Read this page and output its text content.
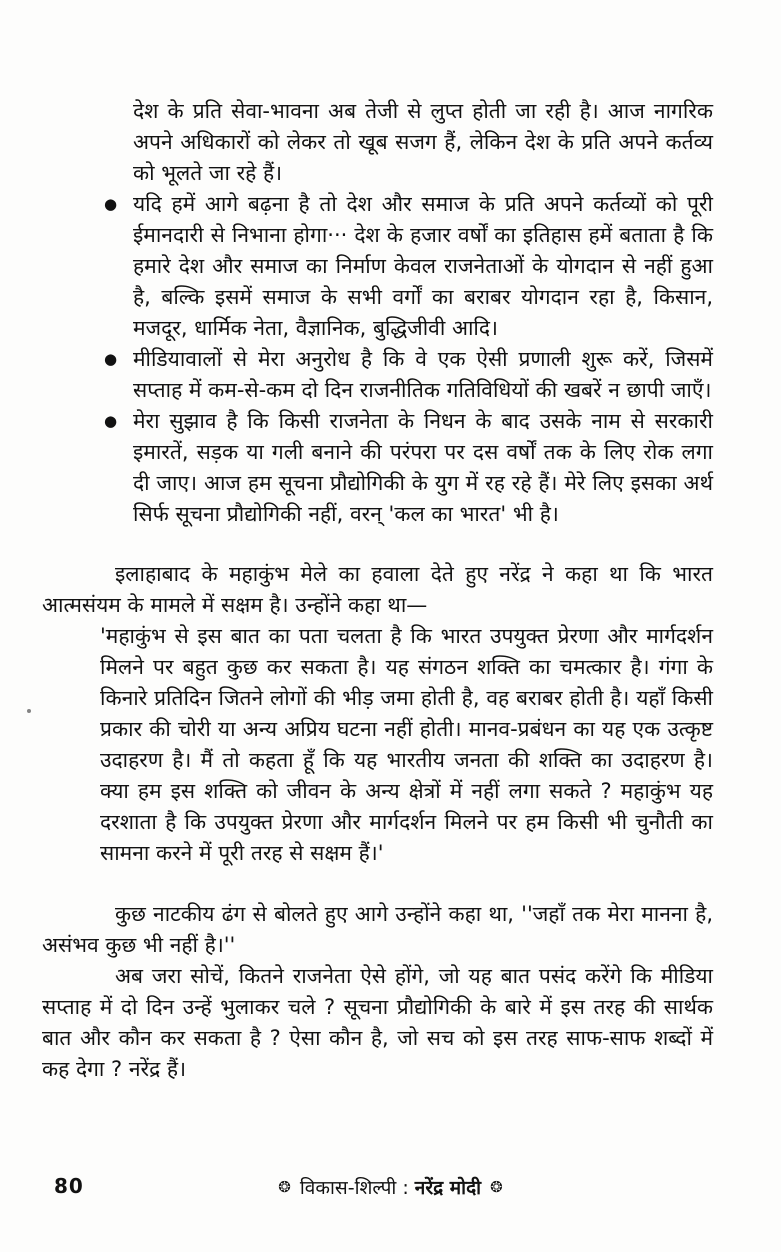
देश के प्रति सेवा-भावना अब तेजी से लुप्त होती जा रही है। आज नागरिक अपने अधिकारों को लेकर तो खूब सजग हैं, लेकिन देश के प्रति अपने कर्तव्य को भूलते जा रहे हैं।

● यदि हमें आगे बढ़ना है तो देश और समाज के प्रति अपने कर्तव्यों को पूरी ईमानदारी से निभाना होगा··· देश के हजार वर्षों का इतिहास हमें बताता है कि हमारे देश और समाज का निर्माण केवल राजनेताओं के योगदान से नहीं हुआ है, बल्कि इसमें समाज के सभी वर्गों का बराबर योगदान रहा है, किसान, मजदूर, धार्मिक नेता, वैज्ञानिक, बुद्धिजीवी आदि।
● मीडियावालों से मेरा अनुरोध है कि वे एक ऐसी प्रणाली शुरू करें, जिसमें सप्ताह में कम-से-कम दो दिन राजनीतिक गतिविधियों की खबरें न छापी जाएँ।
● मेरा सुझाव है कि किसी राजनेता के निधन के बाद उसके नाम से सरकारी इमारतें, सड़क या गली बनाने की परंपरा पर दस वर्षों तक के लिए रोक लगा दी जाए। आज हम सूचना प्रौद्योगिकी के युग में रह रहे हैं। मेरे लिए इसका अर्थ सिर्फ सूचना प्रौद्योगिकी नहीं, वरन् 'कल का भारत' भी है।

इलाहाबाद के महाकुंभ मेले का हवाला देते हुए नरेंद्र ने कहा था कि भारत आत्मसंयम के मामले में सक्षम है। उन्होंने कहा था—

'महाकुंभ से इस बात का पता चलता है कि भारत उपयुक्त प्रेरणा और मार्गदर्शन मिलने पर बहुत कुछ कर सकता है। यह संगठन शक्ति का चमत्कार है। गंगा के किनारे प्रतिदिन जितने लोगों की भीड़ जमा होती है, वह बराबर होती है। यहाँ किसी प्रकार की चोरी या अन्य अप्रिय घटना नहीं होती। मानव-प्रबंधन का यह एक उत्कृष्ट उदाहरण है। मैं तो कहता हूँ कि यह भारतीय जनता की शक्ति का उदाहरण है। क्या हम इस शक्ति को जीवन के अन्य क्षेत्रों में नहीं लगा सकते ? महाकुंभ यह दरशाता है कि उपयुक्त प्रेरणा और मार्गदर्शन मिलने पर हम किसी भी चुनौती का सामना करने में पूरी तरह से सक्षम हैं।'

कुछ नाटकीय ढंग से बोलते हुए आगे उन्होंने कहा था, ''जहाँ तक मेरा मानना है, असंभव कुछ भी नहीं है।''

अब जरा सोचें, कितने राजनेता ऐसे होंगे, जो यह बात पसंद करेंगे कि मीडिया सप्ताह में दो दिन उन्हें भुलाकर चले ? सूचना प्रौद्योगिकी के बारे में इस तरह की सार्थक बात और कौन कर सकता है ? ऐसा कौन है, जो सच को इस तरह साफ-साफ शब्दों में कह देगा ? नरेंद्र हैं।

80	❂ विकास-शिल्पी : नरेंद्र मोदी ❂
